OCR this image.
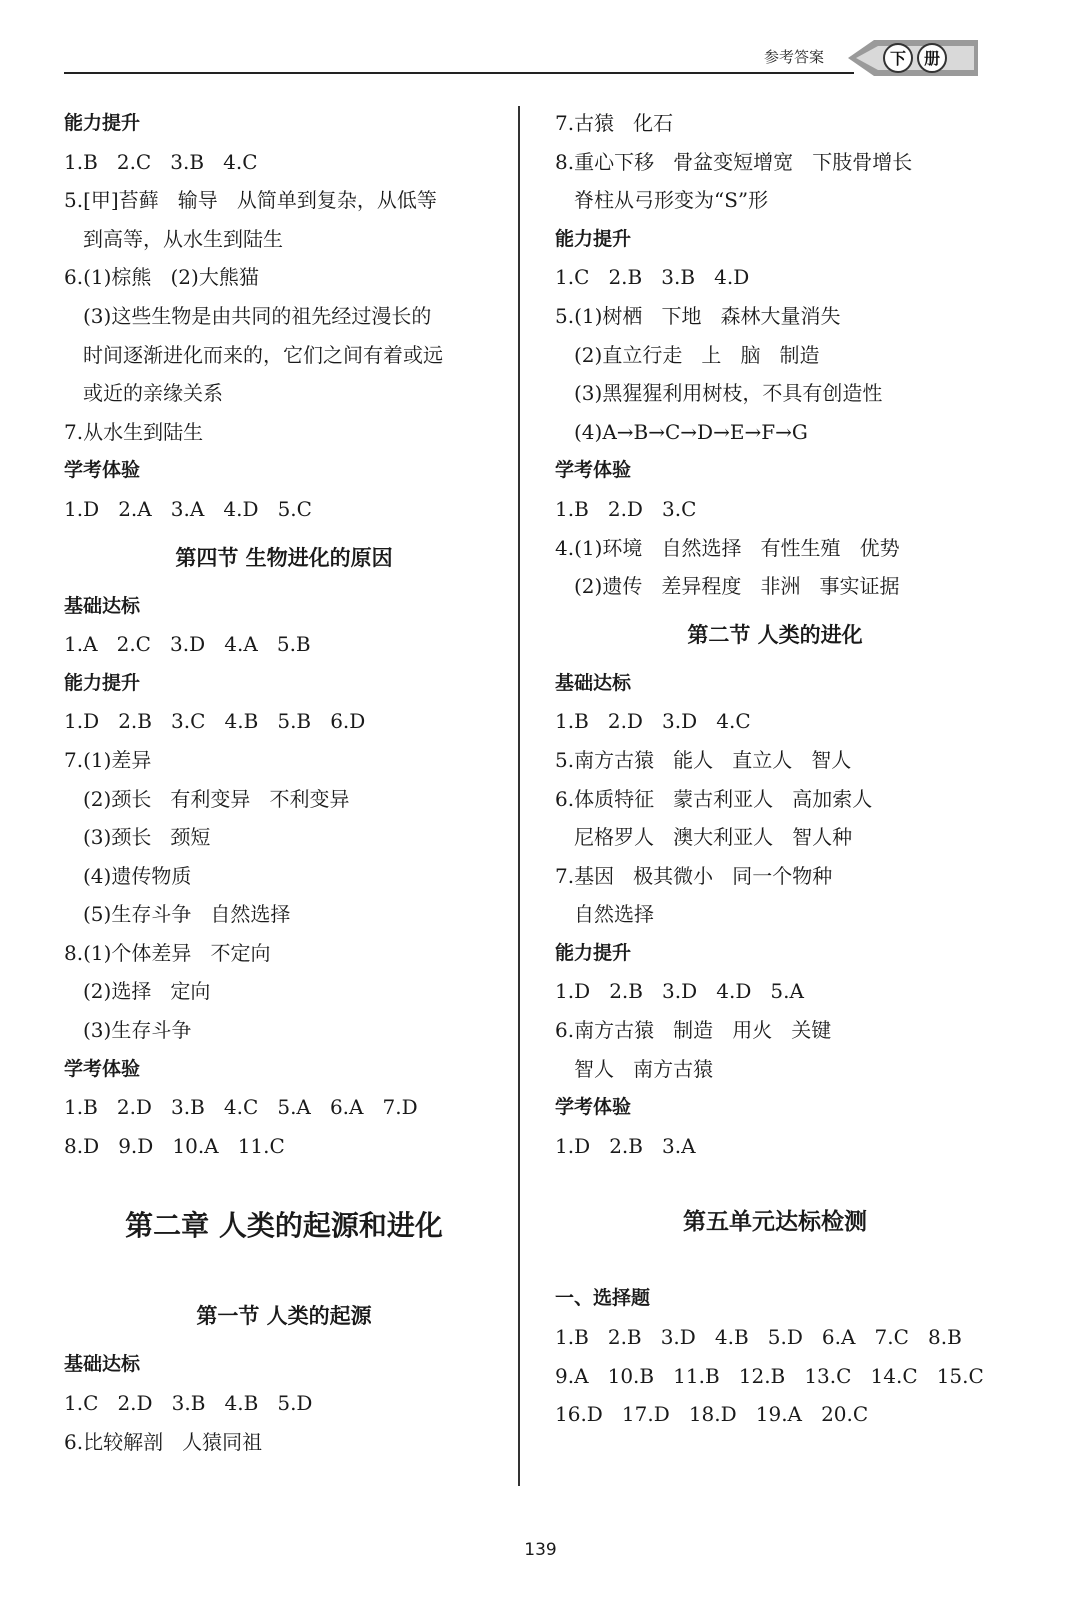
参考答案	下 册
能力提升
1.B   2.C   3.B   4.C
5.[甲]苔藓   输导   从简单到复杂，从低等
到高等，从水生到陆生
6.(1)棕熊   (2)大熊猫
(3)这些生物是由共同的祖先经过漫长的
时间逐渐进化而来的，它们之间有着或远
或近的亲缘关系
7.从水生到陆生
学考体验
1.D   2.A   3.A   4.D   5.C
第四节 生物进化的原因
基础达标
1.A   2.C   3.D   4.A   5.B
能力提升
1.D   2.B   3.C   4.B   5.B   6.D
7.(1)差异
(2)颈长   有利变异   不利变异
(3)颈长   颈短
(4)遗传物质
(5)生存斗争   自然选择
8.(1)个体差异   不定向
(2)选择   定向
(3)生存斗争
学考体验
1.B   2.D   3.B   4.C   5.A   6.A   7.D
8.D   9.D   10.A   11.C
第二章 人类的起源和进化
第一节 人类的起源
基础达标
1.C   2.D   3.B   4.B   5.D
6.比较解剖   人猿同祖
7.古猿   化石
8.重心下移   骨盆变短增宽   下肢骨增长
脊柱从弓形变为“S”形
能力提升
1.C   2.B   3.B   4.D
5.(1)树栖   下地   森林大量消失
(2)直立行走   上   脑   制造
(3)黑猩猩利用树枝，不具有创造性
(4)A→B→C→D→E→F→G
学考体验
1.B   2.D   3.C
4.(1)环境   自然选择   有性生殖   优势
(2)遗传   差异程度   非洲   事实证据
第二节 人类的进化
基础达标
1.B   2.D   3.D   4.C
5.南方古猿   能人   直立人   智人
6.体质特征   蒙古利亚人   高加索人
尼格罗人   澳大利亚人   智人种
7.基因   极其微小   同一个物种
自然选择
能力提升
1.D   2.B   3.D   4.D   5.A
6.南方古猿   制造   用火   关键
智人   南方古猿
学考体验
1.D   2.B   3.A
第五单元达标检测
一、选择题
1.B   2.B   3.D   4.B   5.D   6.A   7.C   8.B
9.A   10.B   11.B   12.B   13.C   14.C   15.C
16.D   17.D   18.D   19.A   20.C
139
